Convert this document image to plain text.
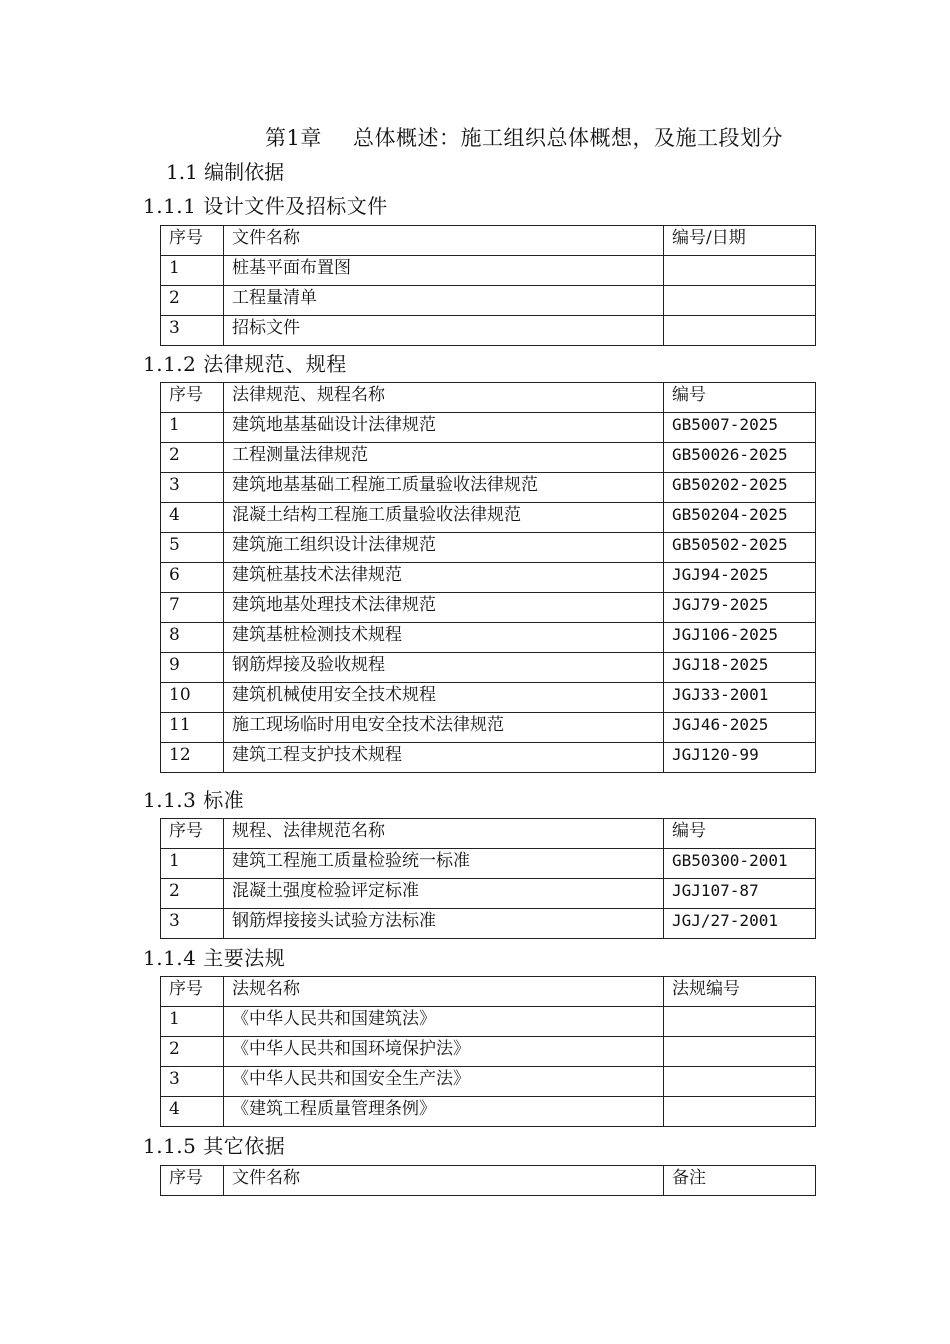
第1章 总体概述：施工组织总体概想，及施工段划分
1.1 编制依据
1.1.1 设计文件及招标文件
序号	文件名称	编号/日期
1	桩基平面布置图	
2	工程量清单	
3	招标文件	
1.1.2 法律规范、规程
序号	法律规范、规程名称	编号
1	建筑地基基础设计法律规范	GB5007-2025
2	工程测量法律规范	GB50026-2025
3	建筑地基基础工程施工质量验收法律规范	GB50202-2025
4	混凝土结构工程施工质量验收法律规范	GB50204-2025
5	建筑施工组织设计法律规范	GB50502-2025
6	建筑桩基技术法律规范	JGJ94-2025
7	建筑地基处理技术法律规范	JGJ79-2025
8	建筑基桩检测技术规程	JGJ106-2025
9	钢筋焊接及验收规程	JGJ18-2025
10	建筑机械使用安全技术规程	JGJ33-2001
11	施工现场临时用电安全技术法律规范	JGJ46-2025
12	建筑工程支护技术规程	JGJ120-99
1.1.3 标准
序号	规程、法律规范名称	编号
1	建筑工程施工质量检验统一标准	GB50300-2001
2	混凝土强度检验评定标准	JGJ107-87
3	钢筋焊接接头试验方法标准	JGJ/27-2001
1.1.4 主要法规
序号	法规名称	法规编号
1	《中华人民共和国建筑法》	
2	《中华人民共和国环境保护法》	
3	《中华人民共和国安全生产法》	
4	《建筑工程质量管理条例》	
1.1.5 其它依据
序号	文件名称	备注
